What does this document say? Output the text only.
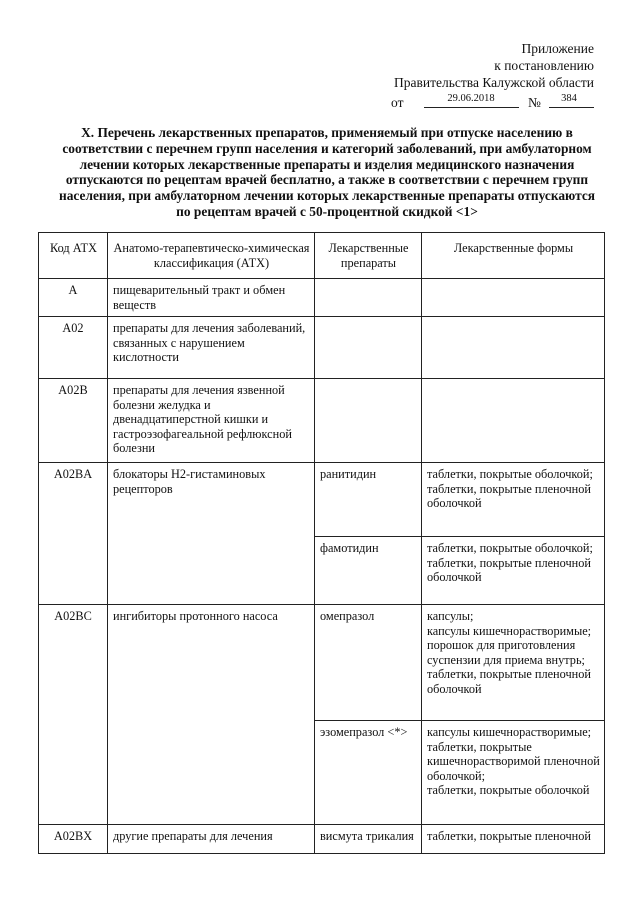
Приложение
к постановлению
Правительства Калужской области
от	29.06.2018	№	384
X. Перечень лекарственных препаратов, применяемый при отпуске населению в соответствии с перечнем групп населения и категорий заболеваний, при амбулаторном лечении которых лекарственные препараты и изделия медицинского назначения отпускаются по рецептам врачей бесплатно, а также в соответствии с перечнем групп населения, при амбулаторном лечении которых лекарственные препараты отпускаются по рецептам врачей с 50-процентной скидкой <1>
Код АТХ	Анатомо-терапевтическо-химическая классификация (АТХ)	Лекарственные препараты	Лекарственные формы
A	пищеварительный тракт и обмен веществ		
A02	препараты для лечения заболеваний, связанных с нарушением кислотности		
A02B	препараты для лечения язвенной болезни желудка и двенадцатиперстной кишки и гастроэзофагеальной рефлюксной болезни		
A02BA	блокаторы H2-гистаминовых рецепторов	ранитидин	таблетки, покрытые оболочкой;
таблетки, покрытые пленочной оболочкой
		фамотидин	таблетки, покрытые оболочкой;
таблетки, покрытые пленочной оболочкой
A02BC	ингибиторы протонного насоса	омепразол	капсулы;
капсулы кишечнорастворимые;
порошок для приготовления суспензии для приема внутрь;
таблетки, покрытые пленочной оболочкой
		эзомепразол <*>	капсулы кишечнорастворимые;
таблетки, покрытые кишечнорастворимой пленочной оболочкой;
таблетки, покрытые оболочкой
A02BX	другие препараты для лечения	висмута трикалия	таблетки, покрытые пленочной
